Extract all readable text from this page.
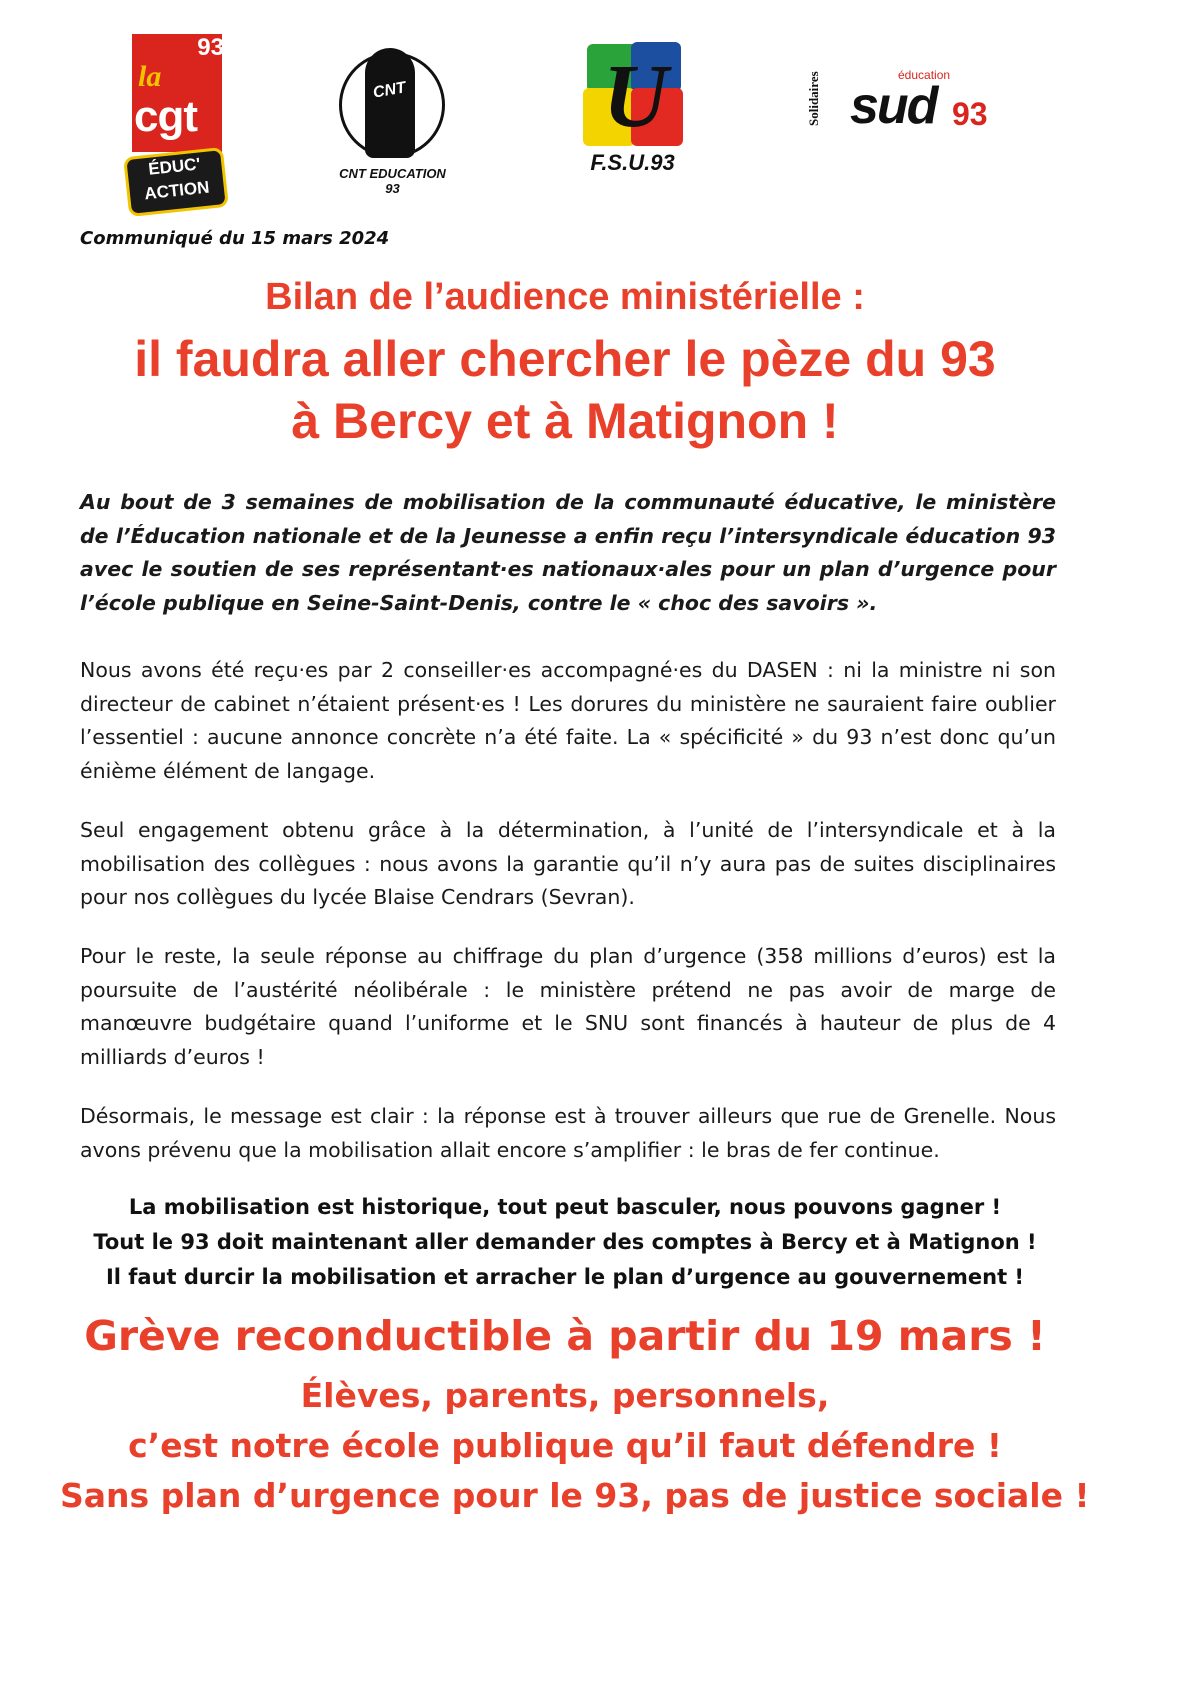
93
la
cgt
ÉDUC'
ACTION
CNT
CNT EDUCATION 93
U
F.S.U.93
Solidaires	éducation
sud 93
Communiqué du 15 mars 2024
Bilan de l’audience ministérielle :
il faudra aller chercher le pèze du 93
à Bercy et à Matignon !

Au bout de 3 semaines de mobilisation de la communauté éducative, le ministère de l’Éducation nationale et de la Jeunesse a enfin reçu l’intersyndicale éducation 93 avec le soutien de ses représentant·es nationaux·ales pour un plan d’urgence pour l’école publique en Seine-Saint-Denis, contre le « choc des savoirs ».

Nous avons été reçu·es par 2 conseiller·es accompagné·es du DASEN : ni la ministre ni son directeur de cabinet n’étaient présent·es ! Les dorures du ministère ne sauraient faire oublier l’essentiel : aucune annonce concrète n’a été faite. La « spécificité » du 93 n’est donc qu’un énième élément de langage.

Seul engagement obtenu grâce à la détermination, à l’unité de l’intersyndicale et à la mobilisation des collègues : nous avons la garantie qu’il n’y aura pas de suites disciplinaires pour nos collègues du lycée Blaise Cendrars (Sevran).

Pour le reste, la seule réponse au chiffrage du plan d’urgence (358 millions d’euros) est la poursuite de l’austérité néolibérale : le ministère prétend ne pas avoir de marge de manœuvre budgétaire quand l’uniforme et le SNU sont financés à hauteur de plus de 4 milliards d’euros !

Désormais, le message est clair : la réponse est à trouver ailleurs que rue de Grenelle. Nous avons prévenu que la mobilisation allait encore s’amplifier : le bras de fer continue.

La mobilisation est historique, tout peut basculer, nous pouvons gagner !
Tout le 93 doit maintenant aller demander des comptes à Bercy et à Matignon !
Il faut durcir la mobilisation et arracher le plan d’urgence au gouvernement !
Grève reconductible à partir du 19 mars !
Élèves, parents, personnels,
c’est notre école publique qu’il faut défendre !
Sans plan d’urgence pour le 93, pas de justice sociale !
